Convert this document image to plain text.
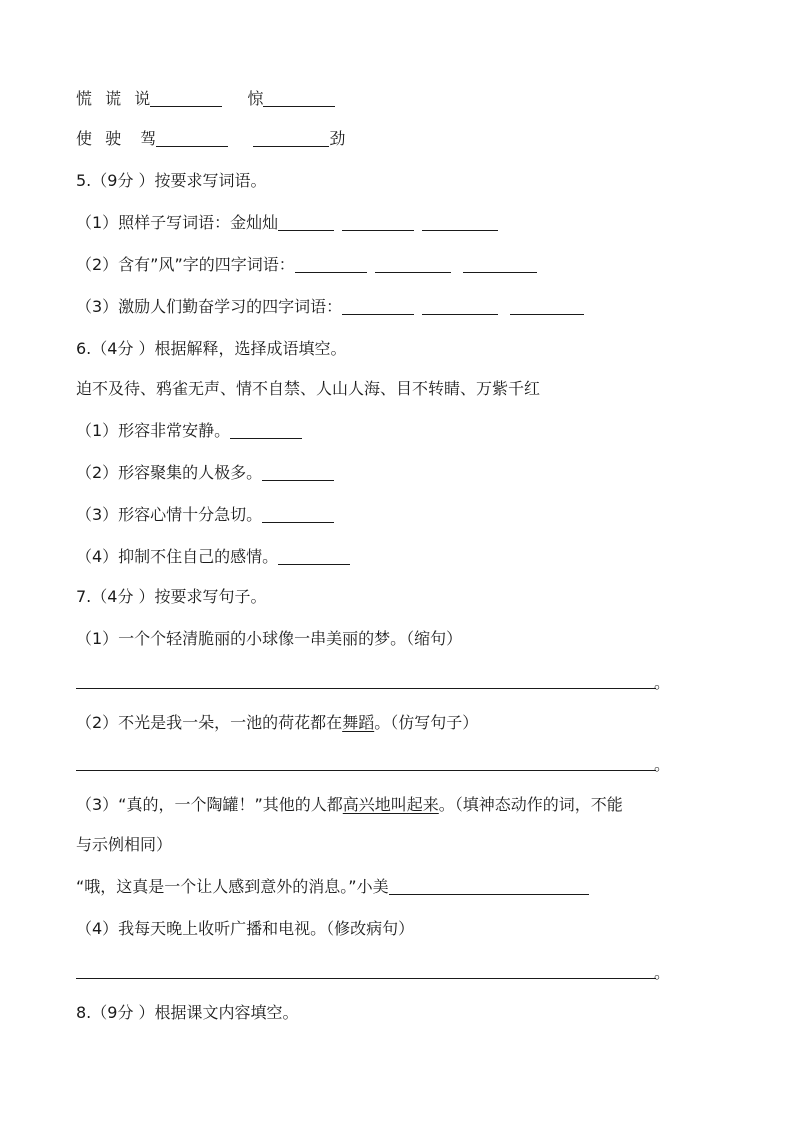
慌 谎 说	惊
使 驶 驾	劲
5.（9分 ）按要求写词语。
（1）照样子写词语：金灿灿
（2）含有”风”字的四字词语：
（3）激励人们勤奋学习的四字词语：
6.（4分 ）根据解释，选择成语填空。
迫不及待、鸦雀无声、情不自禁、人山人海、目不转睛、万紫千红
（1）形容非常安静。
（2）形容聚集的人极多。
（3）形容心情十分急切。
（4）抑制不住自己的感情。
7.（4分 ）按要求写句子。
（1）一个个轻清脆丽的小球像一串美丽的梦。（缩句）
。
（2）不光是我一朵，一池的荷花都在舞蹈。（仿写句子）
。
（3）“真的，一个陶罐！”其他的人都高兴地叫起来。（填神态动作的词，不能
与示例相同）
“哦，这真是一个让人感到意外的消息。”小美
（4）我每天晚上收听广播和电视。（修改病句）
。
8.（9分 ）根据课文内容填空。
